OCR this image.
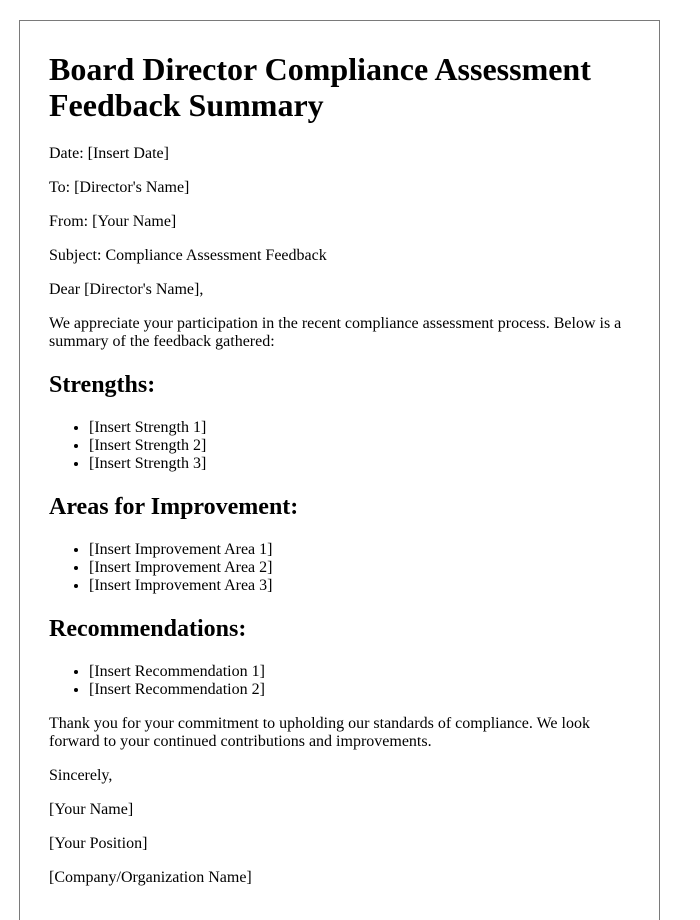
Board Director Compliance Assessment Feedback Summary

Date: [Insert Date]

To: [Director's Name]

From: [Your Name]

Subject: Compliance Assessment Feedback

Dear [Director's Name],

We appreciate your participation in the recent compliance assessment process. Below is a summary of the feedback gathered:

Strengths:
• [Insert Strength 1]
• [Insert Strength 2]
• [Insert Strength 3]
Areas for Improvement:
• [Insert Improvement Area 1]
• [Insert Improvement Area 2]
• [Insert Improvement Area 3]
Recommendations:
• [Insert Recommendation 1]
• [Insert Recommendation 2]

Thank you for your commitment to upholding our standards of compliance. We look forward to your continued contributions and improvements.

Sincerely,

[Your Name]

[Your Position]

[Company/Organization Name]
